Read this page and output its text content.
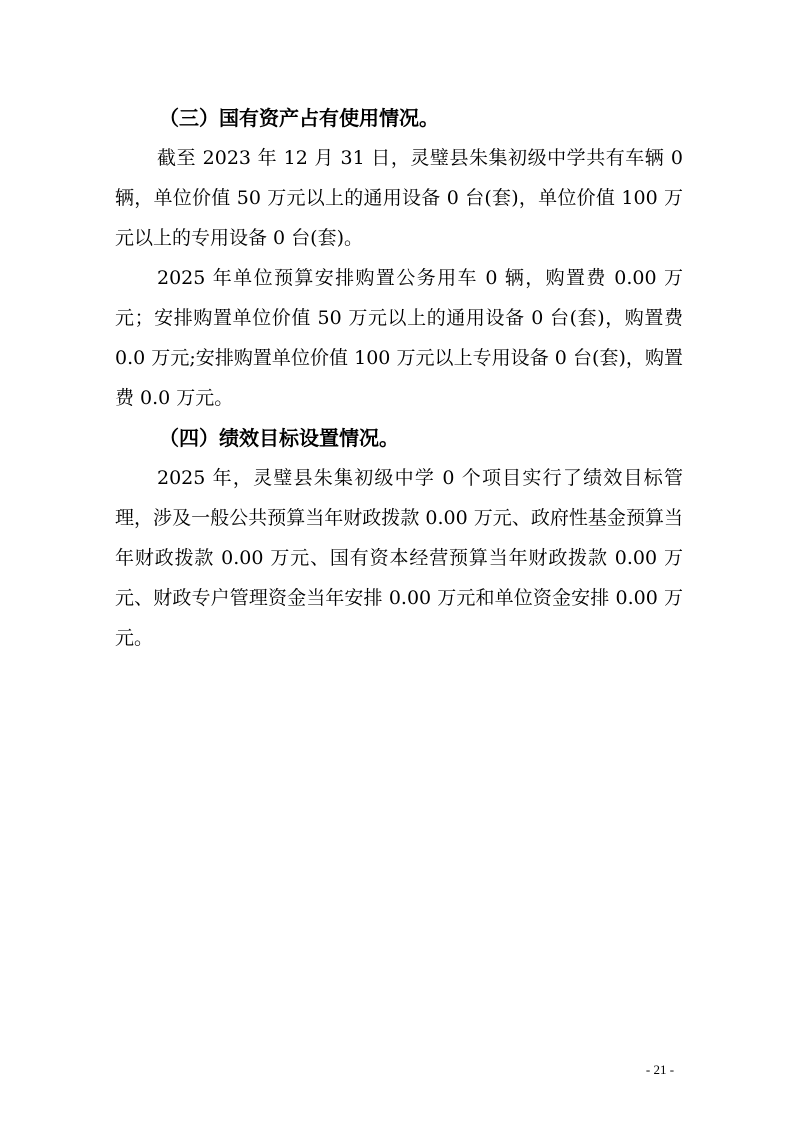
（三）国有资产占有使用情况。

截至 2023 年 12 月 31 日，灵璧县朱集初级中学共有车辆 0 辆，单位价值 50 万元以上的通用设备 0 台(套)，单位价值 100 万元以上的专用设备 0 台(套)。

2025 年单位预算安排购置公务用车 0 辆，购置费 0.00 万元；安排购置单位价值 50 万元以上的通用设备 0 台(套)，购置费 0.0 万元;安排购置单位价值 100 万元以上专用设备 0 台(套)，购置费 0.0 万元。

（四）绩效目标设置情况。

2025 年，灵璧县朱集初级中学 0 个项目实行了绩效目标管理，涉及一般公共预算当年财政拨款 0.00 万元、政府性基金预算当年财政拨款 0.00 万元、国有资本经营预算当年财政拨款 0.00 万元、财政专户管理资金当年安排 0.00 万元和单位资金安排 0.00 万元。

- 21 -
